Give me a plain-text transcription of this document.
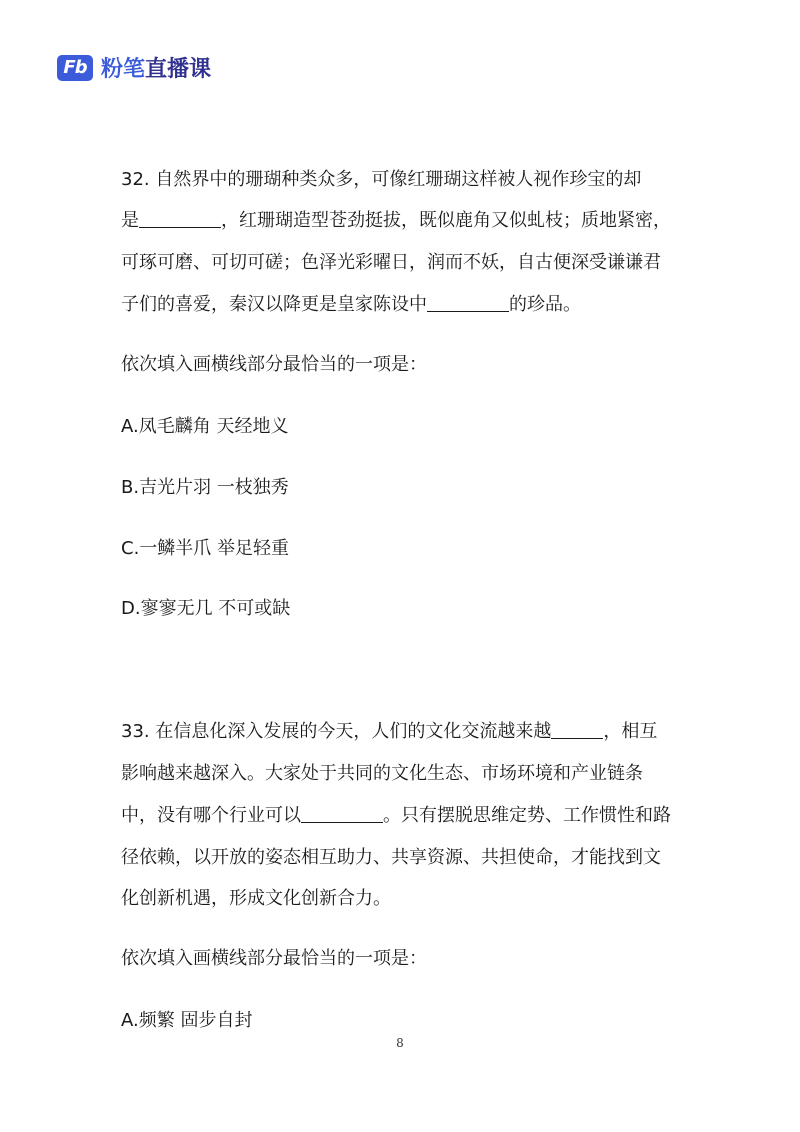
Fb 粉笔直播课

32. 自然界中的珊瑚种类众多，可像红珊瑚这样被人视作珍宝的却

是	，红珊瑚造型苍劲挺拔，既似鹿角又似虬枝；质地紧密，

可琢可磨、可切可磋；色泽光彩曜日，润而不妖，自古便深受谦谦君

子们的喜爱，秦汉以降更是皇家陈设中	的珍品。

依次填入画横线部分最恰当的一项是：

A.凤毛麟角 天经地义

B.吉光片羽 一枝独秀

C.一鳞半爪 举足轻重

D.寥寥无几 不可或缺

33. 在信息化深入发展的今天，人们的文化交流越来越	，相互

影响越来越深入。大家处于共同的文化生态、市场环境和产业链条

中，没有哪个行业可以	。只有摆脱思维定势、工作惯性和路

径依赖，以开放的姿态相互助力、共享资源、共担使命，才能找到文

化创新机遇，形成文化创新合力。

依次填入画横线部分最恰当的一项是：

A.频繁 固步自封

8
